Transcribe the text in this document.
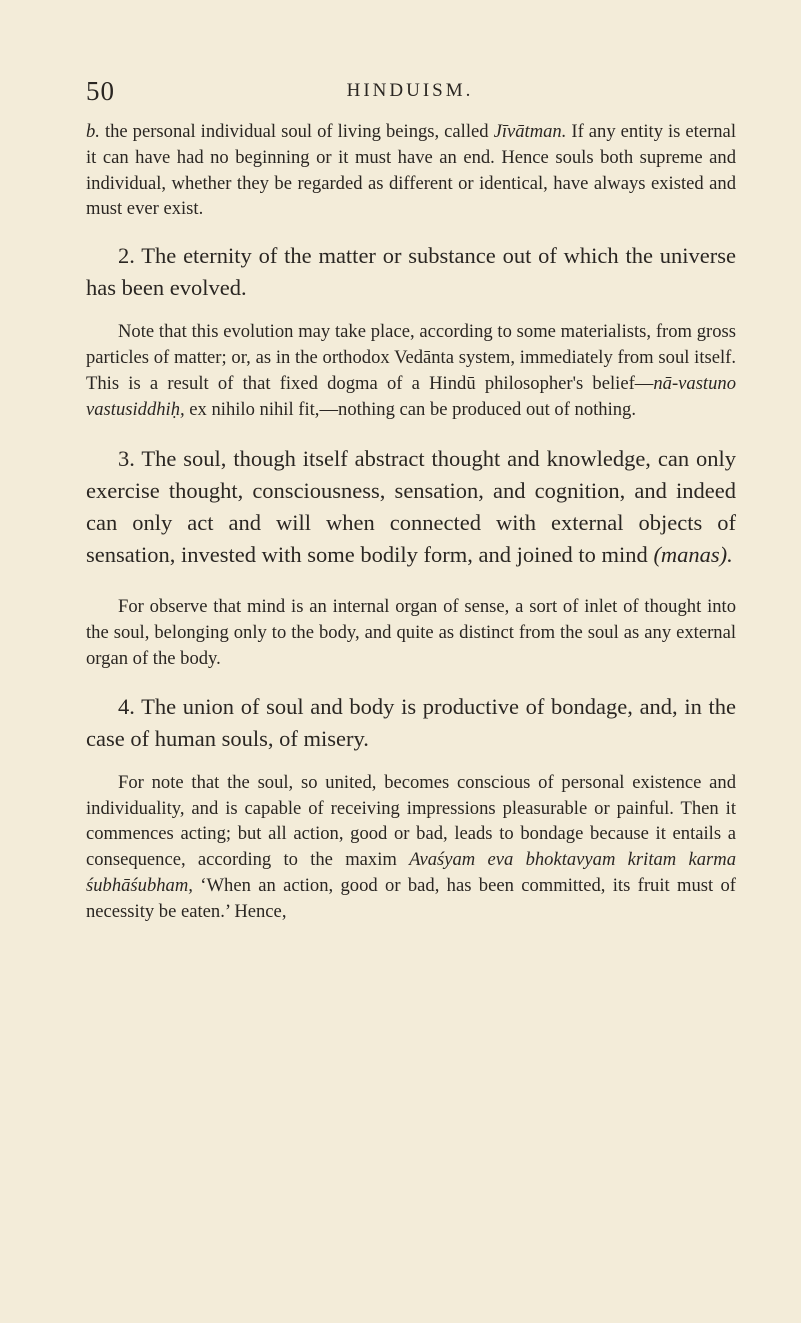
50	HINDUISM.

b. the personal individual soul of living beings, called Jīvātman. If any entity is eternal it can have had no beginning or it must have an end. Hence souls both supreme and individual, whether they be regarded as different or identical, have always existed and must ever exist.

2. The eternity of the matter or substance out of which the universe has been evolved.

Note that this evolution may take place, according to some materialists, from gross particles of matter; or, as in the orthodox Vedānta system, immediately from soul itself. This is a result of that fixed dogma of a Hindū philosopher's belief—nā-vastuno vastusiddhiḥ, ex nihilo nihil fit,—nothing can be produced out of nothing.

3. The soul, though itself abstract thought and knowledge, can only exercise thought, consciousness, sensation, and cognition, and indeed can only act and will when connected with external objects of sensation, invested with some bodily form, and joined to mind (manas).

For observe that mind is an internal organ of sense, a sort of inlet of thought into the soul, belonging only to the body, and quite as distinct from the soul as any external organ of the body.

4. The union of soul and body is productive of bondage, and, in the case of human souls, of misery.

For note that the soul, so united, becomes conscious of personal existence and individuality, and is capable of receiving impressions pleasurable or painful. Then it commences acting; but all action, good or bad, leads to bondage because it entails a consequence, according to the maxim Avaśyam eva bhoktavyam kritam karma śubhāśubham, ‘When an action, good or bad, has been committed, its fruit must of necessity be eaten.’ Hence,
